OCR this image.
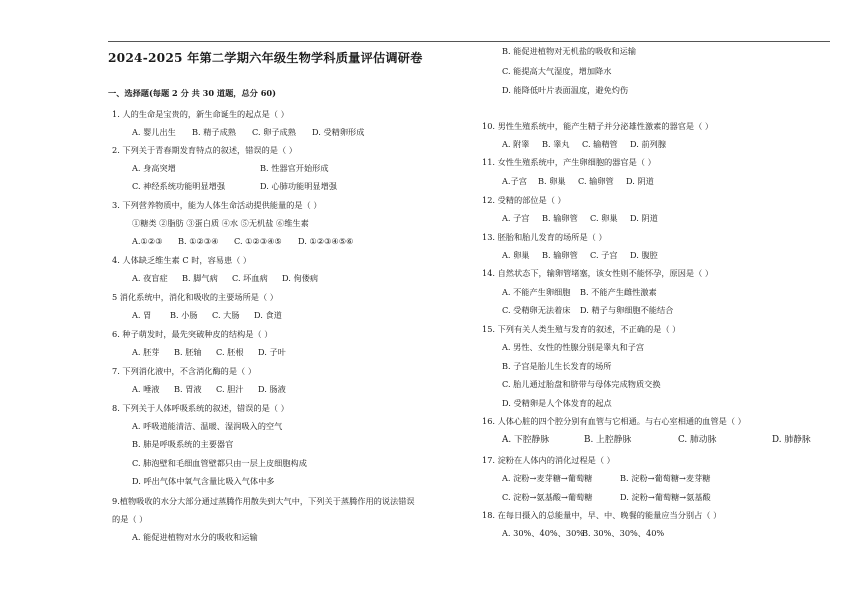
2024-2025 年第二学期六年级生物学科质量评估调研卷
一、选择题(每题 2 分 共 30 道题，总分 60)
1. 人的生命是宝贵的，新生命诞生的起点是（ ）
A. 婴儿出生 B. 精子成熟 C. 卵子成熟 D. 受精卵形成
2. 下列关于青春期发育特点的叙述，错误的是（ ）
A. 身高突增	B. 性器官开始形成
C. 神经系统功能明显增强	D. 心肺功能明显增强
3. 下列营养物质中，能为人体生命活动提供能量的是（ ）
①糖类 ②脂肪 ③蛋白质 ④水 ⑤无机盐 ⑥维生素
A.①②③ B. ①②③④ C. ①②③④⑤ D. ①②③④⑤⑥
4. 人体缺乏维生素 C 时，容易患（ ）
A. 夜盲症 B. 脚气病 C. 坏血病 D. 佝偻病
5 消化系统中，消化和吸收的主要场所是（ ）
A. 胃 B. 小肠 C. 大肠 D. 食道
6. 种子萌发时，最先突破种皮的结构是（ ）
A. 胚芽 B. 胚轴 C. 胚根 D. 子叶
7. 下列消化液中，不含消化酶的是（ ）
A. 唾液 B. 胃液 C. 胆汁 D. 肠液
8. 下列关于人体呼吸系统的叙述，错误的是（ ）
A. 呼吸道能清洁、温暖、湿润吸入的空气
B. 肺是呼吸系统的主要器官
C. 肺泡壁和毛细血管壁都只由一层上皮细胞构成
D. 呼出气体中氧气含量比吸入气体中多
9.植物吸收的水分大部分通过蒸腾作用散失到大气中，下列关于蒸腾作用的说法错误
的是（ ）
A. 能促进植物对水分的吸收和运输
B. 能促进植物对无机盐的吸收和运输
C. 能提高大气湿度，增加降水
D. 能降低叶片表面温度，避免灼伤
10. 男性生殖系统中，能产生精子并分泌雄性激素的器官是（ ）
A. 附睾 B. 睾丸 C. 输精管 D. 前列腺
11. 女性生殖系统中，产生卵细胞的器官是（ ）
A.子宫 B. 卵巢 C. 输卵管 D. 阴道
12. 受精的部位是（ ）
A. 子宫 B. 输卵管 C. 卵巢 D. 阴道
13. 胚胎和胎儿发育的场所是（ ）
A. 卵巢 B. 输卵管 C. 子宫 D. 腹腔
14. 自然状态下，输卵管堵塞，该女性则不能怀孕，原因是（ ）
A. 不能产生卵细胞 B. 不能产生雌性激素
C. 受精卵无法着床 D. 精子与卵细胞不能结合
15. 下列有关人类生殖与发育的叙述，不正确的是（ ）
A. 男性、女性的性腺分别是睾丸和子宫
B. 子宫是胎儿生长发育的场所
C. 胎儿通过胎盘和脐带与母体完成物质交换
D. 受精卵是人个体发育的起点
16. 人体心脏的四个腔分别有血管与它相通。与右心室相通的血管是（ ）
A. 下腔静脉	B. 上腔静脉	C. 肺动脉	D. 肺静脉
17. 淀粉在人体内的消化过程是（ ）
A. 淀粉→麦芽糖→葡萄糖	B. 淀粉→葡萄糖→麦芽糖
C. 淀粉→氨基酸→葡萄糖	D. 淀粉→葡萄糖→氨基酸
18. 在每日摄入的总能量中，早、中、晚餐的能量应当分别占（ ）
A. 30%、40%、30%B. 30%、30%、40%
